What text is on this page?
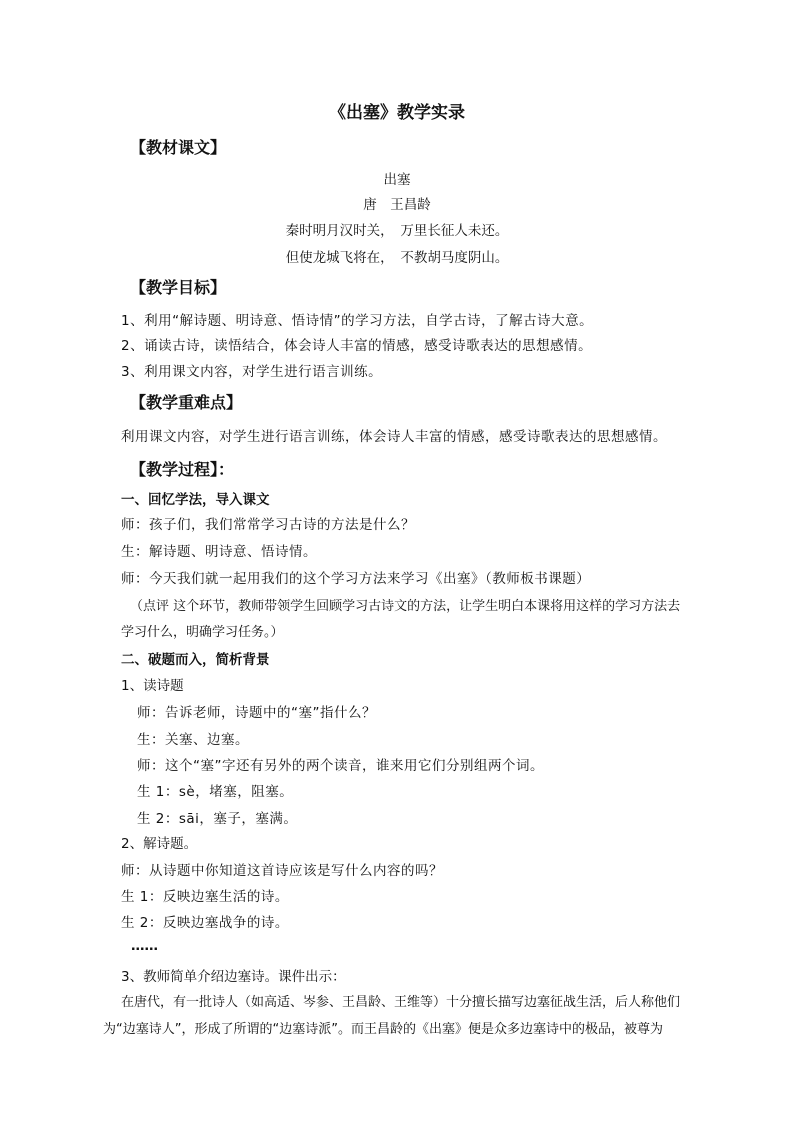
《出塞》教学实录
【教材课文】
出塞
唐　王昌龄
秦时明月汉时关，　万里长征人未还。
但使龙城飞将在，　不教胡马度阴山。
【教学目标】
1、利用“解诗题、明诗意、悟诗情”的学习方法，自学古诗，了解古诗大意。
2、诵读古诗，读悟结合，体会诗人丰富的情感，感受诗歌表达的思想感情。
3、利用课文内容，对学生进行语言训练。
【教学重难点】
利用课文内容，对学生进行语言训练，体会诗人丰富的情感，感受诗歌表达的思想感情。
【教学过程】：
一、回忆学法，导入课文
师：孩子们，我们常常学习古诗的方法是什么？
生：解诗题、明诗意、悟诗情。
师：今天我们就一起用我们的这个学习方法来学习《出塞》（教师板书课题）
（点评 这个环节，教师带领学生回顾学习古诗文的方法，让学生明白本课将用这样的学习方法去
学习什么，明确学习任务。）
二、破题而入，简析背景
1、读诗题
师：告诉老师，诗题中的“塞”指什么？
生：关塞、边塞。
师：这个“塞”字还有另外的两个读音，谁来用它们分别组两个词。
生 1：sè，堵塞，阻塞。
生 2：sāi，塞子，塞满。
2、解诗题。
师：从诗题中你知道这首诗应该是写什么内容的吗？
生 1：反映边塞生活的诗。
生 2：反映边塞战争的诗。
……
3、教师简单介绍边塞诗。课件出示：
在唐代，有一批诗人（如高适、岑参、王昌龄、王维等）十分擅长描写边塞征战生活，后人称他们
为“边塞诗人”，形成了所谓的“边塞诗派”。而王昌龄的《出塞》便是众多边塞诗中的极品，被尊为
